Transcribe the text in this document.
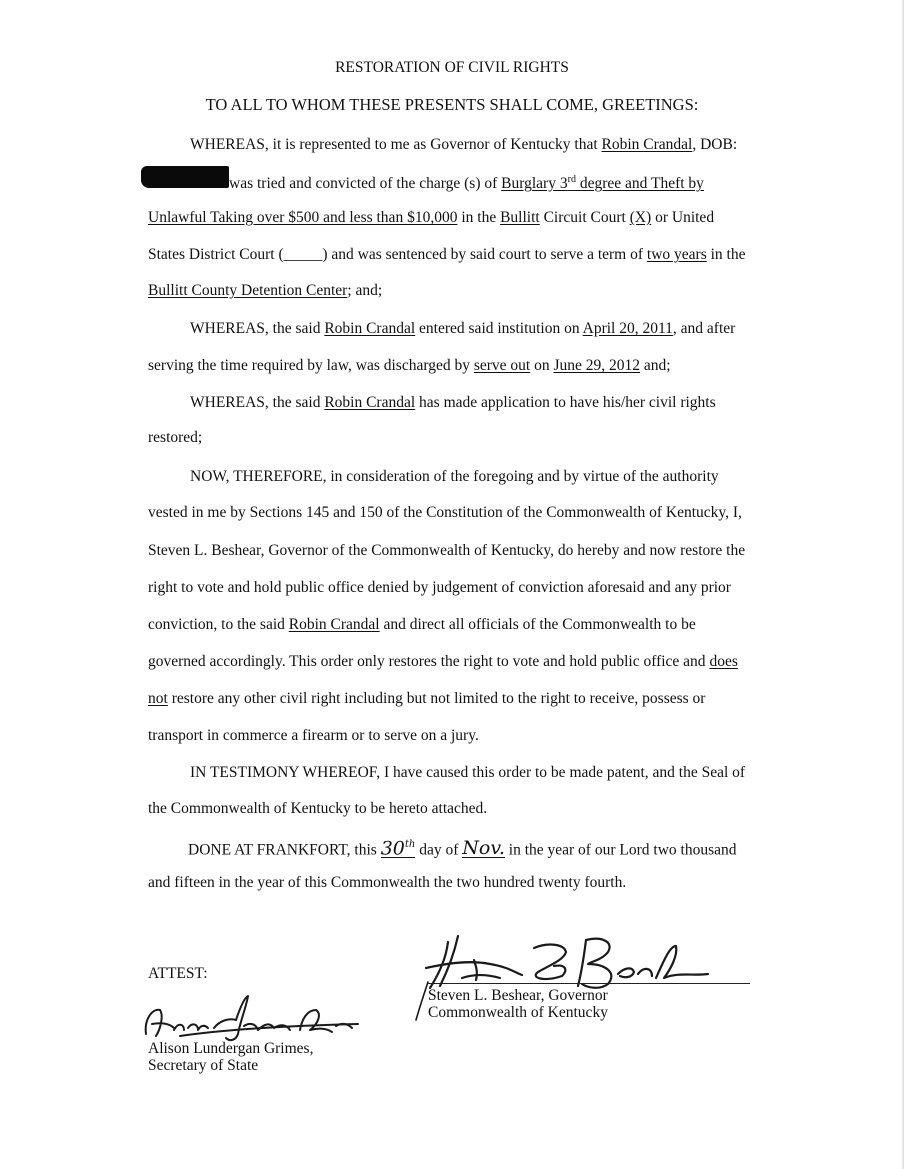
RESTORATION OF CIVIL RIGHTS
TO ALL TO WHOM THESE PRESENTS SHALL COME, GREETINGS:
WHEREAS, it is represented to me as Governor of Kentucky that Robin Crandal, DOB:
was tried and convicted of the charge (s) of Burglary 3rd degree and Theft by
Unlawful Taking over $500 and less than $10,000 in the Bullitt Circuit Court (X) or United
States District Court (_____) and was sentenced by said court to serve a term of two years in the
Bullitt County Detention Center; and;
WHEREAS, the said Robin Crandal entered said institution on April 20, 2011, and after
serving the time required by law, was discharged by serve out on June 29, 2012 and;
WHEREAS, the said Robin Crandal has made application to have his/her civil rights
restored;
NOW, THEREFORE, in consideration of the foregoing and by virtue of the authority
vested in me by Sections 145 and 150 of the Constitution of the Commonwealth of Kentucky, I,
Steven L. Beshear, Governor of the Commonwealth of Kentucky, do hereby and now restore the
right to vote and hold public office denied by judgement of conviction aforesaid and any prior
conviction, to the said Robin Crandal and direct all officials of the Commonwealth to be
governed accordingly. This order only restores the right to vote and hold public office and does
not restore any other civil right including but not limited to the right to receive, possess or
transport in commerce a firearm or to serve on a jury.
IN TESTIMONY WHEREOF, I have caused this order to be made patent, and the Seal of
the Commonwealth of Kentucky to be hereto attached.
DONE AT FRANKFORT, this 30th day of Nov. in the year of our Lord two thousand
and fifteen in the year of this Commonwealth the two hundred twenty fourth.
Steven L. Beshear, Governor
Commonwealth of Kentucky
ATTEST:
Alison Lundergan Grimes,
Secretary of State
